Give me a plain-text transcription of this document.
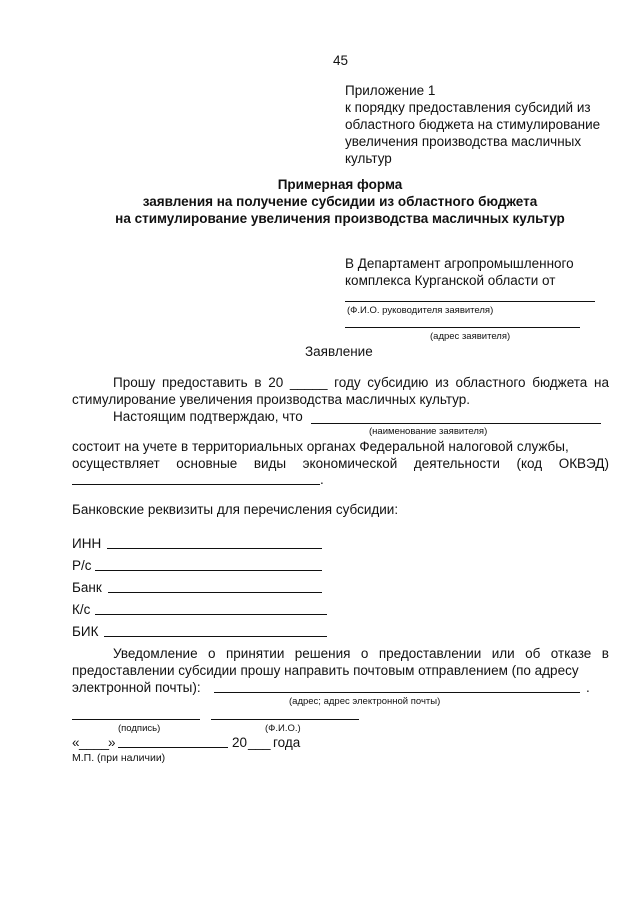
45
Приложение 1
к порядку предоставления субсидий из
областного бюджета на стимулирование
увеличения производства масличных
культур
Примерная форма
заявления на получение субсидии из областного бюджета
на стимулирование увеличения производства масличных культур
В Департамент агропромышленного
комплекса Курганской области от
(Ф.И.О. руководителя заявителя)
(адрес заявителя)
Заявление
Прошу предоставить в 20 _____ году субсидию из областного бюджета на
стимулирование увеличения производства масличных культур.
Настоящим подтверждаю, что
(наименование заявителя)
состоит на учете в территориальных органах Федеральной налоговой службы,
осуществляет основные виды экономической деятельности (код ОКВЭД)
.
Банковские реквизиты для перечисления субсидии:
ИНН
Р/с
Банк
К/с
БИК
Уведомление о принятии решения о предоставлении или об отказе в
предоставлении субсидии прошу направить почтовым отправлением (по адресу
электронной почты):	.
(адрес; адрес электронной почты)
(подпись)	(Ф.И.О.)
« ____
»	20 ___ года
М.П. (при наличии)
